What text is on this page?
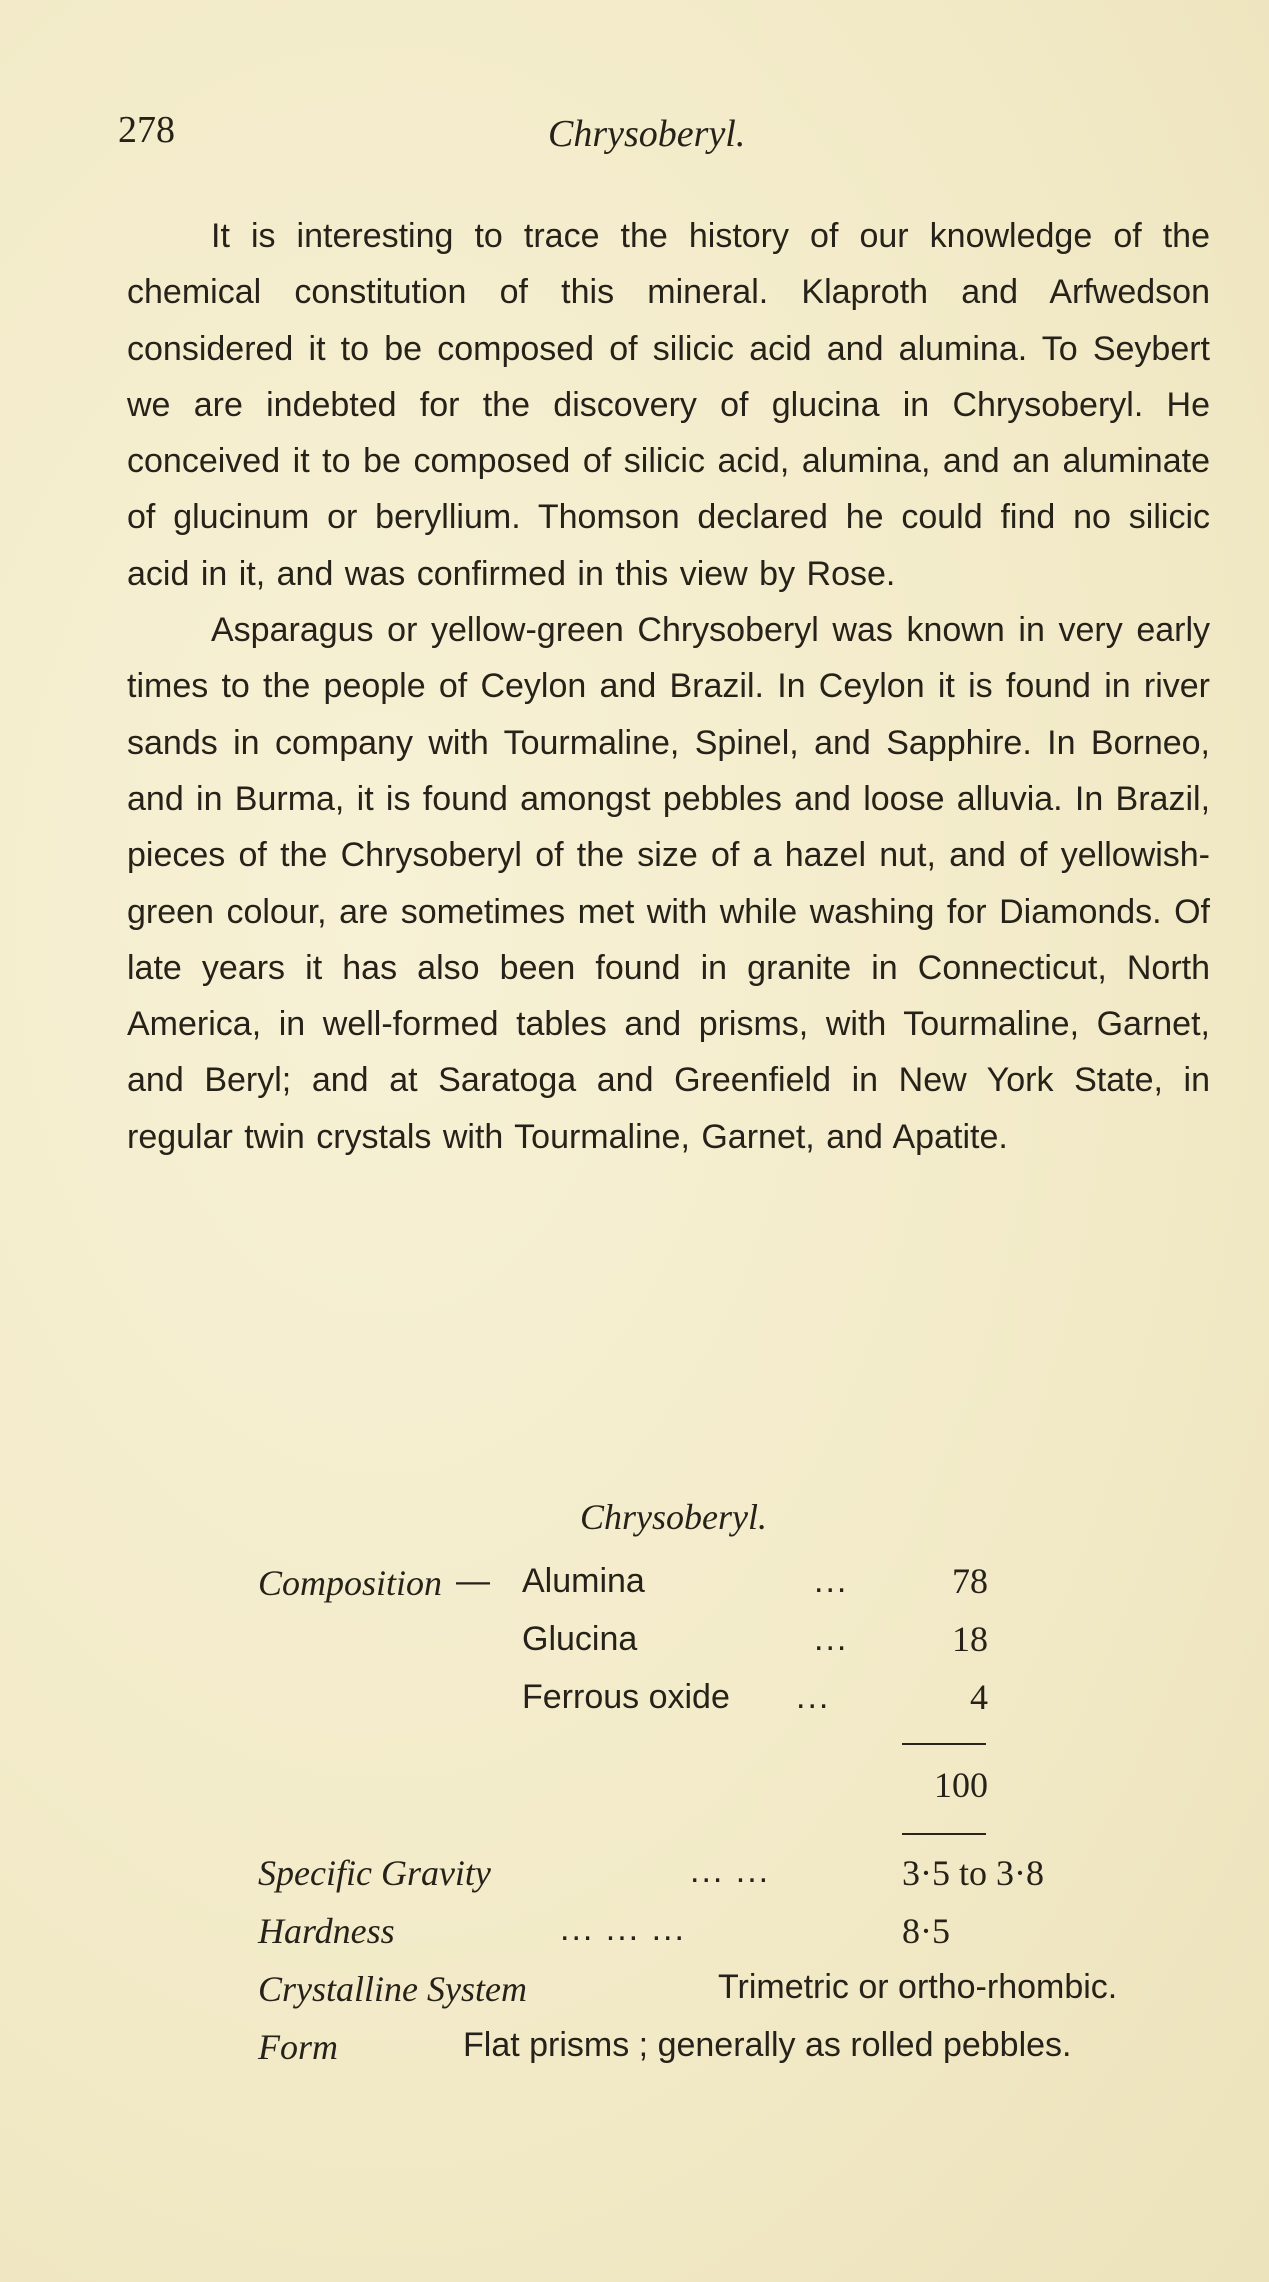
278	Chrysoberyl.

It is interesting to trace the history of our knowledge of the chemical constitution of this mineral. Klaproth and Arfwedson considered it to be composed of silicic acid and alumina. To Seybert we are indebted for the discovery of glucina in Chrysoberyl. He conceived it to be composed of silicic acid, alumina, and an aluminate of glucinum or beryllium. Thomson declared he could find no silicic acid in it, and was confirmed in this view by Rose.

Asparagus or yellow-green Chrysoberyl was known in very early times to the people of Ceylon and Brazil. In Ceylon it is found in river sands in company with Tourmaline, Spinel, and Sapphire. In Borneo, and in Burma, it is found amongst pebbles and loose alluvia. In Brazil, pieces of the Chrysoberyl of the size of a hazel nut, and of yellowish-green colour, are sometimes met with while washing for Diamonds. Of late years it has also been found in granite in Connecticut, North America, in well-formed tables and prisms, with Tourmaline, Garnet, and Beryl; and at Saratoga and Greenfield in New York State, in regular twin crystals with Tourmaline, Garnet, and Apatite.

Chrysoberyl.
Composition — Alumina	...	78
Glucina	...	18
Ferrous oxide ...	4
100
Specific Gravity	... ...	3·5 to 3·8
Hardness	... ... ...	8·5
Crystalline System	Trimetric or ortho-rhombic.
Form	Flat prisms ; generally as rolled pebbles.
